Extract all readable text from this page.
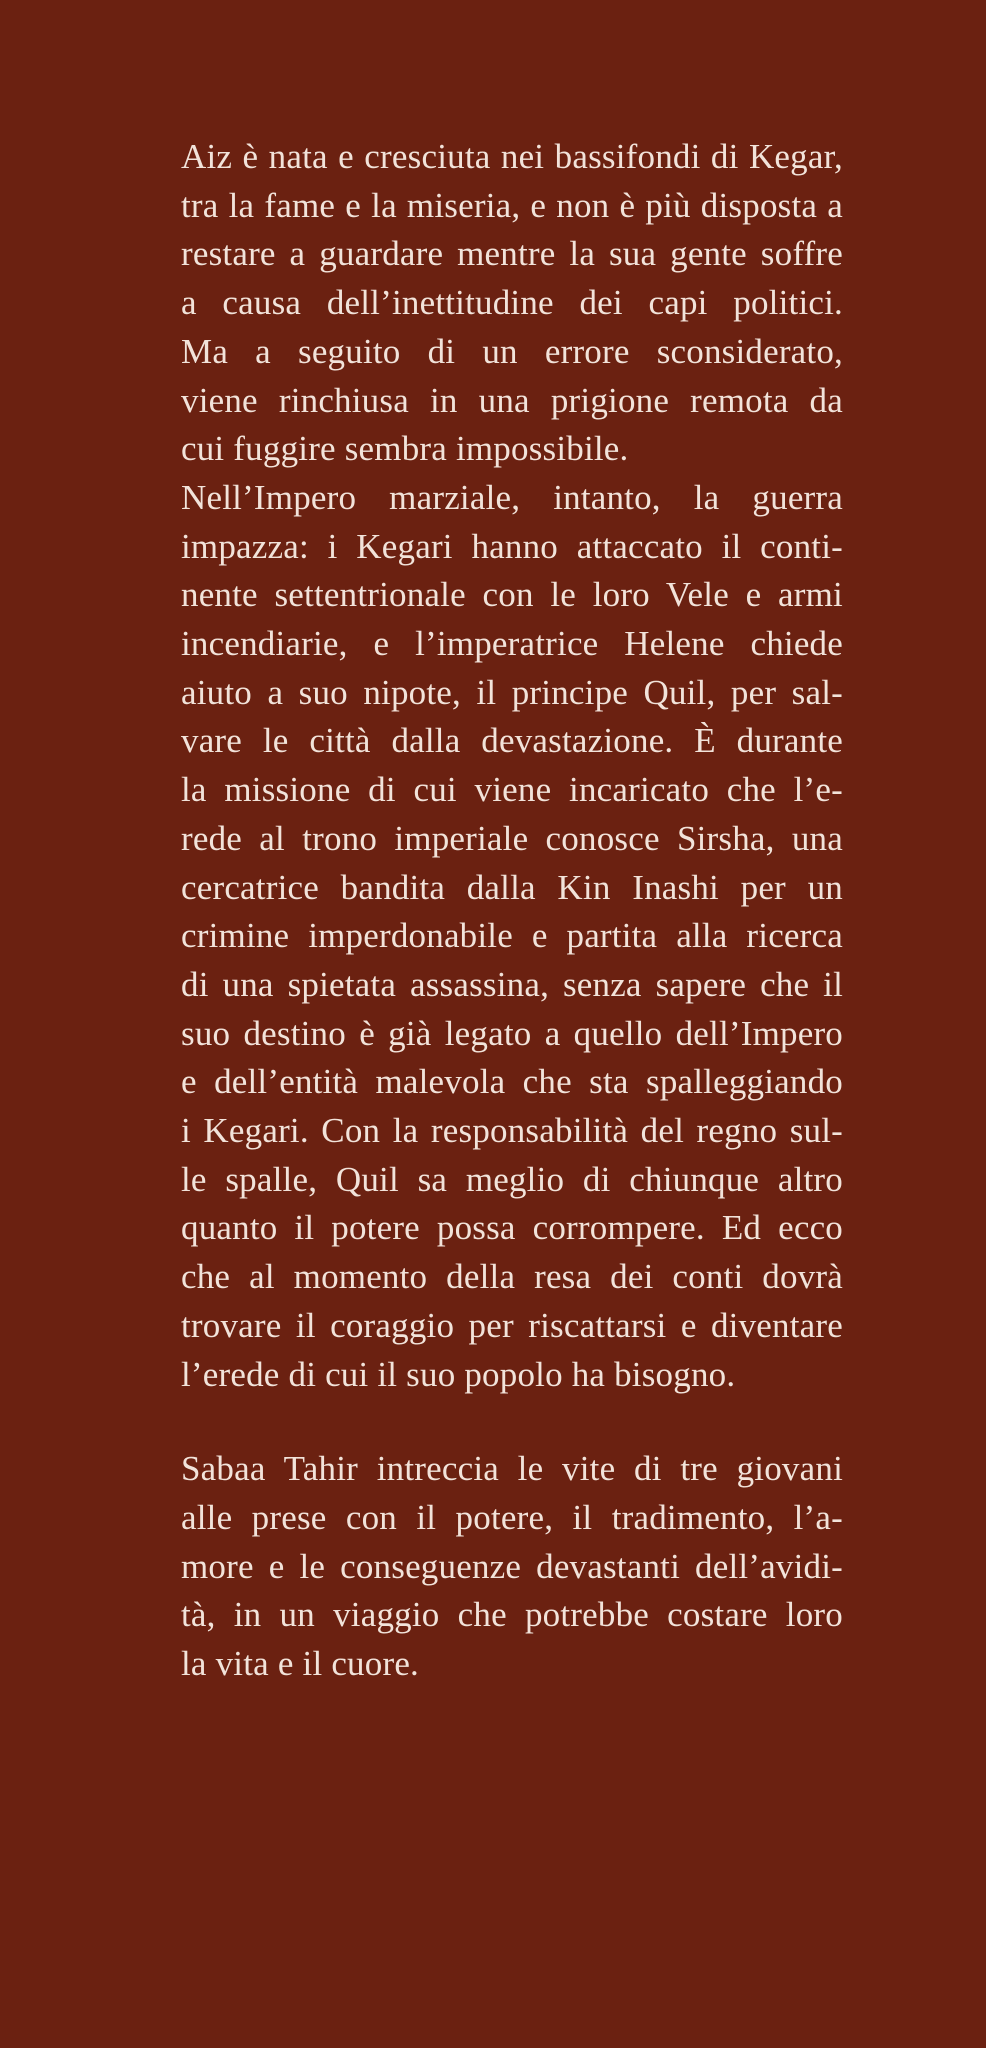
Aiz è nata e cresciuta nei bassifondi di Kegar,
tra la fame e la miseria, e non è più disposta a
restare a guardare mentre la sua gente soffre
a causa dell’inettitudine dei capi politici.
Ma a seguito di un errore sconsiderato,
viene rinchiusa in una prigione remota da
cui fuggire sembra impossibile.
Nell’Impero marziale, intanto, la guerra
impazza: i Kegari hanno attaccato il conti-
nente settentrionale con le loro Vele e armi
incendiarie, e l’imperatrice Helene chiede
aiuto a suo nipote, il principe Quil, per sal-
vare le città dalla devastazione. È durante
la missione di cui viene incaricato che l’e-
rede al trono imperiale conosce Sirsha, una
cercatrice bandita dalla Kin Inashi per un
crimine imperdonabile e partita alla ricerca
di una spietata assassina, senza sapere che il
suo destino è già legato a quello dell’Impero
e dell’entità malevola che sta spalleggiando
i Kegari. Con la responsabilità del regno sul-
le spalle, Quil sa meglio di chiunque altro
quanto il potere possa corrompere. Ed ecco
che al momento della resa dei conti dovrà
trovare il coraggio per riscattarsi e diventare
l’erede di cui il suo popolo ha bisogno.
Sabaa Tahir intreccia le vite di tre giovani
alle prese con il potere, il tradimento, l’a-
more e le conseguenze devastanti dell’avidi-
tà, in un viaggio che potrebbe costare loro
la vita e il cuore.
